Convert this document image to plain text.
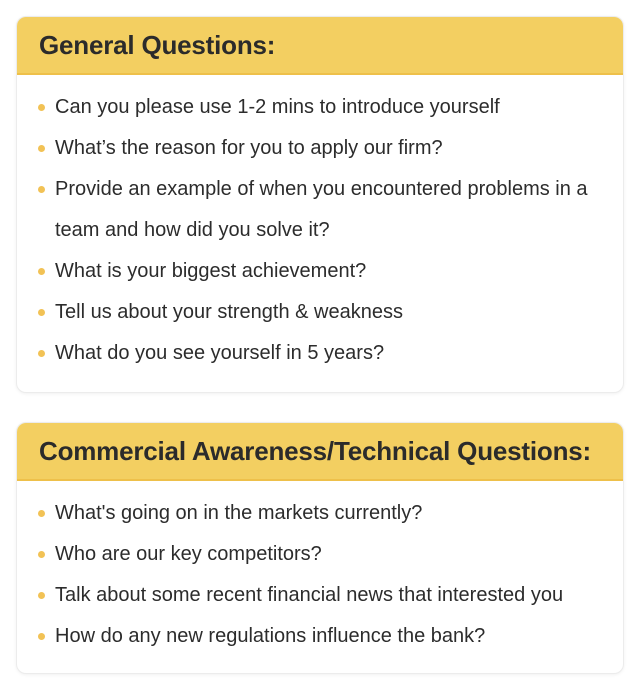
General Questions:
Can you please use 1-2 mins to introduce yourself
What’s the reason for you to apply our firm?
Provide an example of when you encountered problems in a team and how did you solve it?
What is your biggest achievement?
Tell us about your strength & weakness
What do you see yourself in 5 years?
Commercial Awareness/Technical Questions:
What's going on in the markets currently?
Who are our key competitors?
Talk about some recent financial news that interested you
How do any new regulations influence the bank?
